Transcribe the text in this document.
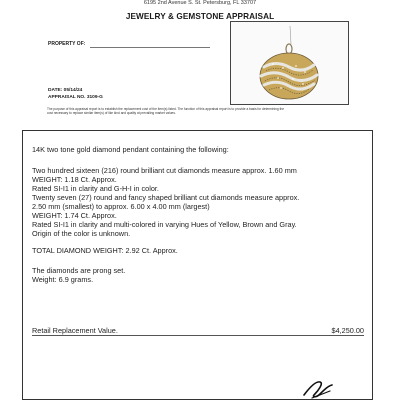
6195 2nd Avenue S. St. Petersburg, FL 33707
JEWELRY & GEMSTONE APPRAISAL
PROPERTY OF:
DATE: 05/14/24
APPRAISAL NO. 3109-G
The purpose of this appraisal report is to establish the replacement cost of the item(s) listed. The function of this appraisal report is to provide a basis for determining the
cost necessary to replace similar item(s) of like kind and quality at prevailing market values.
14K two tone gold diamond pendant containing the following:
Two hundred sixteen (216) round brilliant cut diamonds measure approx. 1.60 mm
WEIGHT: 1.18 Ct. Approx.
Rated SI-I1 in clarity and G-H-I in color.
Twenty seven (27) round and fancy shaped brilliant cut diamonds measure approx.
2.50 mm (smallest) to approx. 6.00 x 4.00 mm (largest)
WEIGHT: 1.74 Ct. Approx.
Rated SI-I1 in clarity and multi-colored in varying Hues of Yellow, Brown and Gray.
Origin of the color is unknown.
TOTAL DIAMOND WEIGHT: 2.92 Ct. Approx.
The diamonds are prong set.
Weight: 6.9 grams.
Retail Replacement Value.	$4,250.00
